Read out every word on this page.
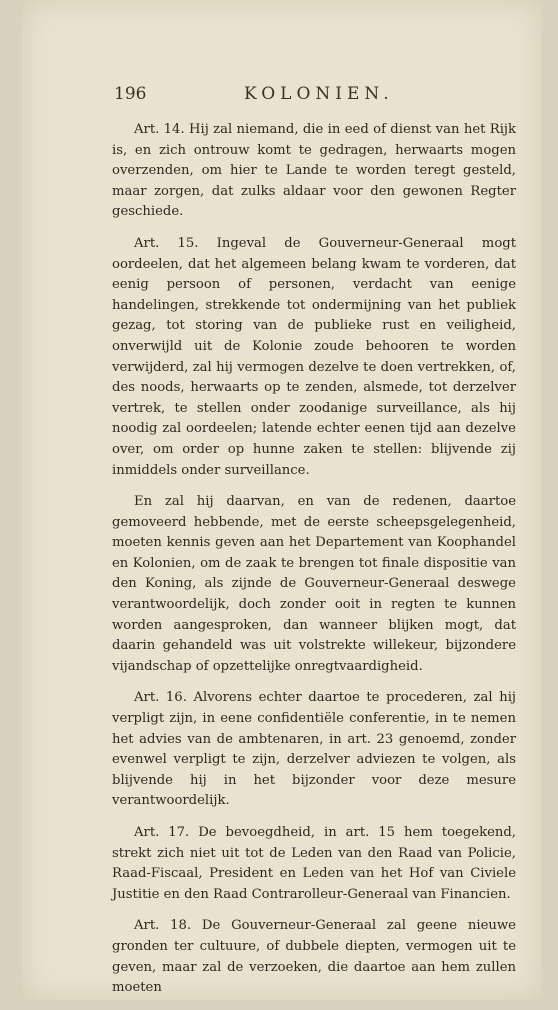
196	KOLONIEN.

Art. 14. Hij zal niemand, die in eed of dienst van het Rijk is, en zich ontrouw komt te gedragen, herwaarts mogen overzenden, om hier te Lande te worden teregt gesteld, maar zorgen, dat zulks aldaar voor den gewonen Regter geschiede.

Art. 15. Ingeval de Gouverneur-Generaal mogt oordeelen, dat het algemeen belang kwam te vorderen, dat eenig persoon of personen, verdacht van eenige handelingen, strekkende tot ondermijning van het publiek gezag, tot storing van de publieke rust en veiligheid, onverwijld uit de Kolonie zoude behooren te worden verwijderd, zal hij vermogen dezelve te doen vertrekken, of, des noods, herwaarts op te zenden, alsmede, tot derzelver vertrek, te stellen onder zoodanige surveillance, als hij noodig zal oordeelen; latende echter eenen tijd aan dezelve over, om order op hunne zaken te stellen: blijvende zij inmiddels onder surveillance.

En zal hij daarvan, en van de redenen, daartoe gemoveerd hebbende, met de eerste scheepsgelegenheid, moeten kennis geven aan het Departement van Koophandel en Kolonien, om de zaak te brengen tot finale dispositie van den Koning, als zijnde de Gouverneur-Generaal deswege verantwoordelijk, doch zonder ooit in regten te kunnen worden aangesproken, dan wanneer blijken mogt, dat daarin gehandeld was uit volstrekte willekeur, bijzondere vijandschap of opzettelijke onregtvaardigheid.

Art. 16. Alvorens echter daartoe te procederen, zal hij verpligt zijn, in eene confidentiële conferentie, in te nemen het advies van de ambtenaren, in art. 23 genoemd, zonder evenwel verpligt te zijn, derzelver adviezen te volgen, als blijvende hij in het bijzonder voor deze mesure verantwoordelijk.

Art. 17. De bevoegdheid, in art. 15 hem toegekend, strekt zich niet uit tot de Leden van den Raad van Policie, Raad-Fiscaal, President en Leden van het Hof van Civiele Justitie en den Raad Contrarolleur-Generaal van Financien.

Art. 18. De Gouverneur-Generaal zal geene nieuwe gronden ter cultuure, of dubbele diepten, vermogen uit te geven, maar zal de verzoeken, die daartoe aan hem zullen moeten
